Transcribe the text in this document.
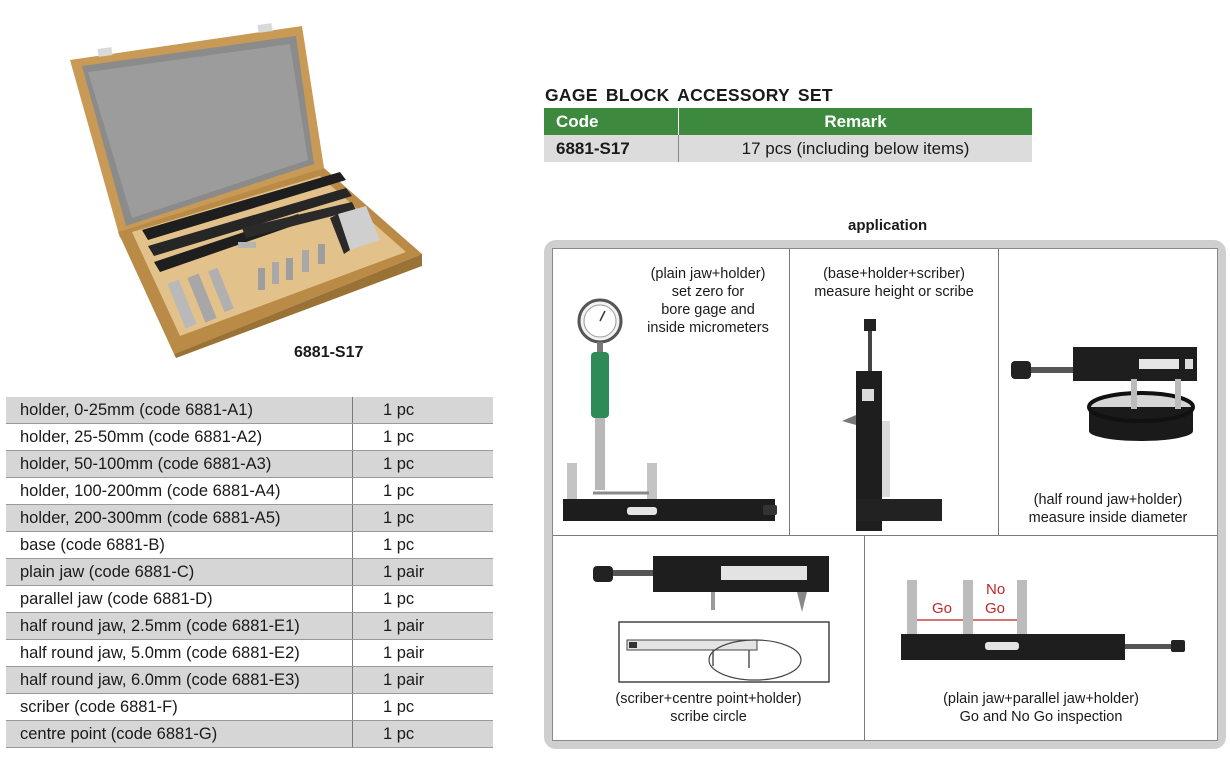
6881-S17
GAGE BLOCK ACCESSORY SET
Code	Remark
6881-S17	17 pcs (including below items)
holder, 0-25mm (code 6881-A1)	1 pc
holder, 25-50mm (code 6881-A2)	1 pc
holder, 50-100mm (code 6881-A3)	1 pc
holder, 100-200mm (code 6881-A4)	1 pc
holder, 200-300mm (code 6881-A5)	1 pc
base (code 6881-B)	1 pc
plain jaw (code 6881-C)	1 pair
parallel jaw (code 6881-D)	1 pc
half round jaw, 2.5mm (code 6881-E1)	1 pair
half round jaw, 5.0mm (code 6881-E2)	1 pair
half round jaw, 6.0mm (code 6881-E3)	1 pair
scriber (code 6881-F)	1 pc
centre point (code 6881-G)	1 pc
application
(plain jaw+holder)
set zero for
bore gage and
inside micrometers
(base+holder+scriber)
measure height or scribe
(half round jaw+holder)
measure inside diameter
(scriber+centre point+holder)
scribe circle
Go
No
Go
(plain jaw+parallel jaw+holder)
Go and No Go inspection
